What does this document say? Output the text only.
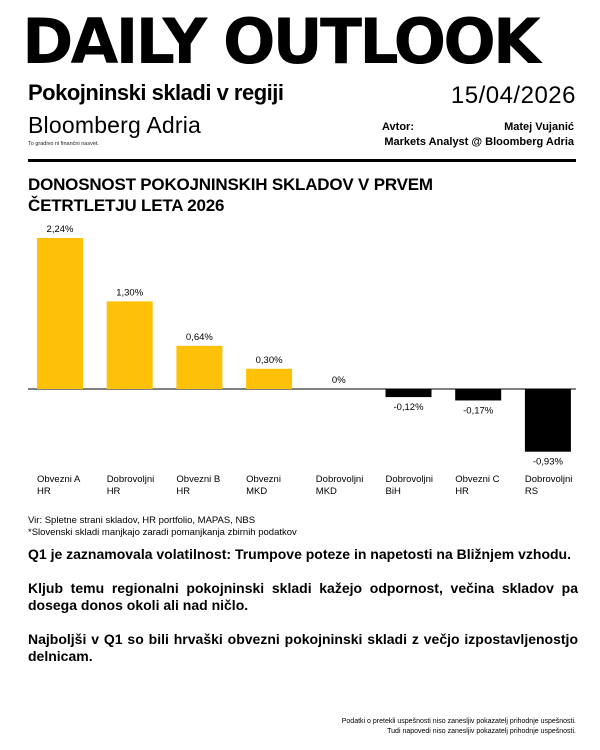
DAILY OUTLOOK
Pokojninski skladi v regiji	15/04/2026
Bloomberg Adria
To gradivo ni finančni nasvet.
Avtor:	Matej Vujanić
Markets Analyst @ Bloomberg Adria
DONOSNOST POKOJNINSKIH SKLADOV V PRVEM ČETRTLETJU LETA 2026
2,24%
Obvezni A
HR
1,30%
Dobrovoljni
HR
0,64%
Obvezni B
HR
0,30%
Obvezni
MKD
0%
Dobrovoljni
MKD
-0,12%
Dobrovoljni
BiH
-0,17%
Obvezni C
HR
-0,93%
Dobrovoljni
RS
Vir: Spletne strani skladov, HR portfolio, MAPAS, NBS
*Slovenski skladi manjkajo zaradi pomanjkanja zbirnih podatkov

Q1 je zaznamovala volatilnost: Trumpove poteze in napetosti na Bližnjem vzhodu.

Kljub temu regionalni pokojninski skladi kažejo odpornost, večina skladov pa dosega donos okoli ali nad ničlo.

Najboljši v Q1 so bili hrvaški obvezni pokojninski skladi z večjo izpostavljenostjo delnicam.

Podatki o pretekli uspešnosti niso zanesljiv pokazatelj prihodnje uspešnosti.
Tudi napovedi niso zanesljiv pokazatelj prihodnje uspešnosti.
